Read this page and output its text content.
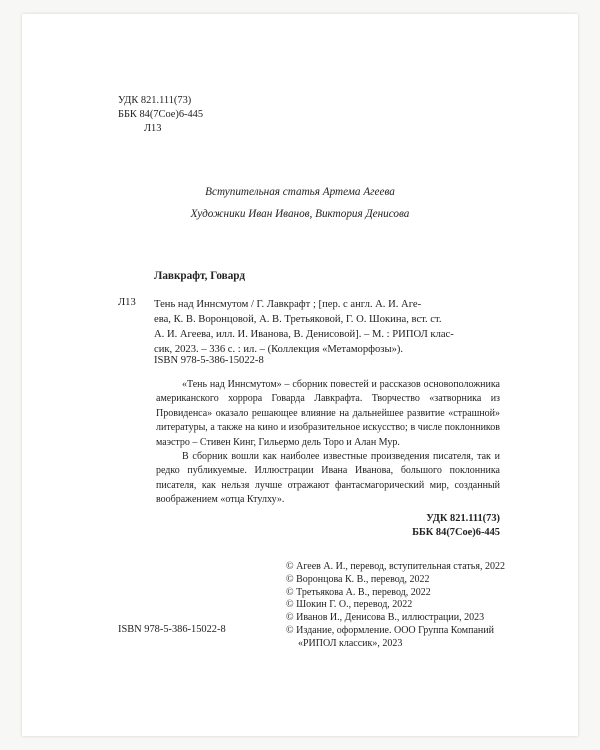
УДК 821.111(73)
ББК 84(7Сое)6-445
Л13
Вступительная статья Артема Агеева
Художники Иван Иванов, Виктория Денисова
Лавкрафт, Говард
Л13 Тень над Иннсмутом / Г. Лавкрафт ; [пер. с англ. А. И. Аге-

ева, К. В. Воронцовой, А. В. Третьяковой, Г. О. Шокина, вст. ст.

А. И. Агеева, илл. И. Иванова, В. Денисовой]. – М. : РИПОЛ клас-

сик, 2023. – 336 с. : ил. – (Коллекция «Метаморфозы»).

ISBN 978-5-386-15022-8

«Тень над Иннсмутом» – сборник повестей и рассказов основоположника американского хоррора Говарда Лавкрафта. Творчество «затворника из Провиденса» оказало решающее влияние на дальнейшее развитие «страшной» литературы, а также на кино и изобразительное искусство; в числе поклонников маэстро – Стивен Кинг, Гильермо дель Торо и Алан Мур.

В сборник вошли как наиболее известные произведения писателя, так и редко публикуемые. Иллюстрации Ивана Иванова, большого поклонника писателя, как нельзя лучше отражают фантасмагорический мир, созданный воображением «отца Ктулху».

УДК 821.111(73)
ББК 84(7Сое)6-445
© Агеев А. И., перевод, вступительная статья, 2022
© Воронцова К. В., перевод, 2022
© Третьякова А. В., перевод, 2022
© Шокин Г. О., перевод, 2022
© Иванов И., Денисова В., иллюстрации, 2023
© Издание, оформление. ООО Группа Компаний
«РИПОЛ классик», 2023
ISBN 978-5-386-15022-8
